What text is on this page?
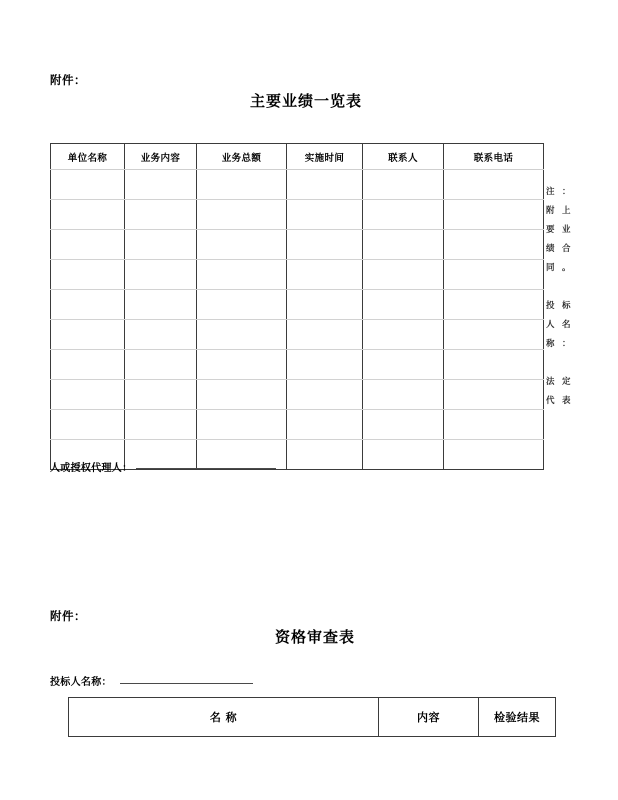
附件：
主要业绩一览表
单位名称	业务内容	业务总额	实施时间	联系人	联系电话

：
上
业
合
。
标
名
：
定
表
注
附
要
绩
同
投
人
称
法
代
人或授权代理人：
附件：
资格审查表
投标人名称：
名 称	内容	检验结果
